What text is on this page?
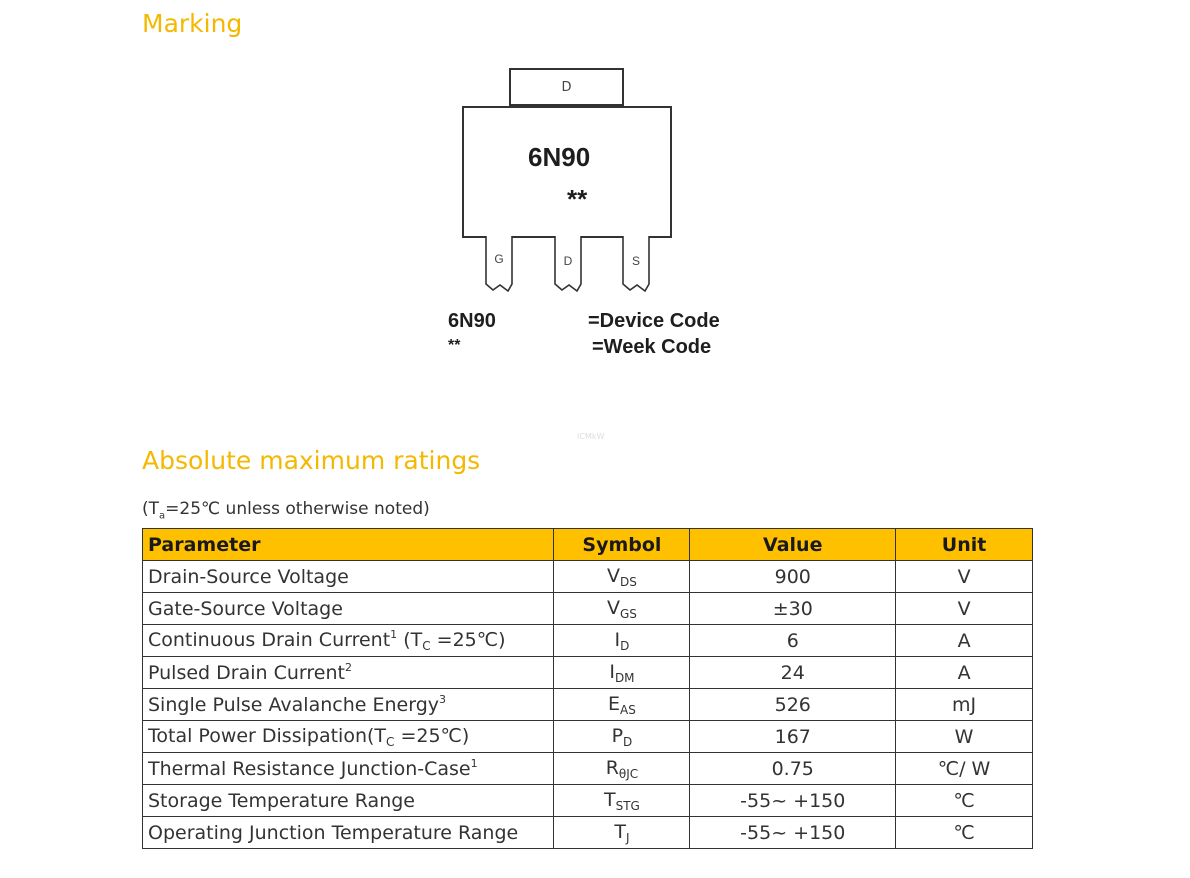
Marking
D
6N90
**
G	D	S
6N90	=Device Code
**	=Week Code
ICMkW
Absolute maximum ratings
($T_a=25℃$ unless otherwise noted)
Parameter	Symbol	Value	Unit
Drain-Source Voltage	$V_{DS}$	900	V
Gate-Source Voltage	$V_{GS}$	±30	V
Continuous Drain Current$^1$ ($T_C$ =25℃)	$I_D$	6	A
Pulsed Drain Current$^2$	$I_{DM}$	24	A
Single Pulse Avalanche Energy$^3$	$E_{AS}$	526	mJ
Total Power $Dissipation(T_C$ =25℃)	$P_D$	167	W
Thermal Resistance Junction-Case$^1$	$R_{\theta JC}$	0.75	℃/ W
Storage Temperature Range	$T_{STG}$	-55~ +150	℃
Operating Junction Temperature Range	$T_J$	-55~ +150	℃
